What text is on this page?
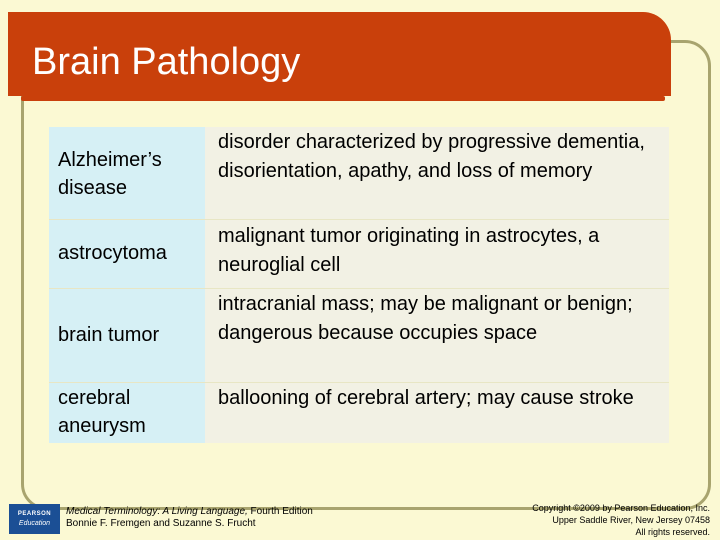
Brain Pathology
Alzheimer’s disease
disorder characterized by progressive dementia, disorientation, apathy, and loss of memory
astrocytoma
malignant tumor originating in astrocytes, a neuroglial cell
brain tumor
intracranial mass; may be malignant or benign; dangerous because occupies space
cerebral aneurysm
ballooning of cerebral artery; may cause stroke
PEARSON
Education
Medical Terminology: A Living Language, Fourth Edition
Bonnie F. Fremgen and Suzanne S. Frucht
Copyright ©2009 by Pearson Education, Inc.
Upper Saddle River, New Jersey 07458
All rights reserved.
